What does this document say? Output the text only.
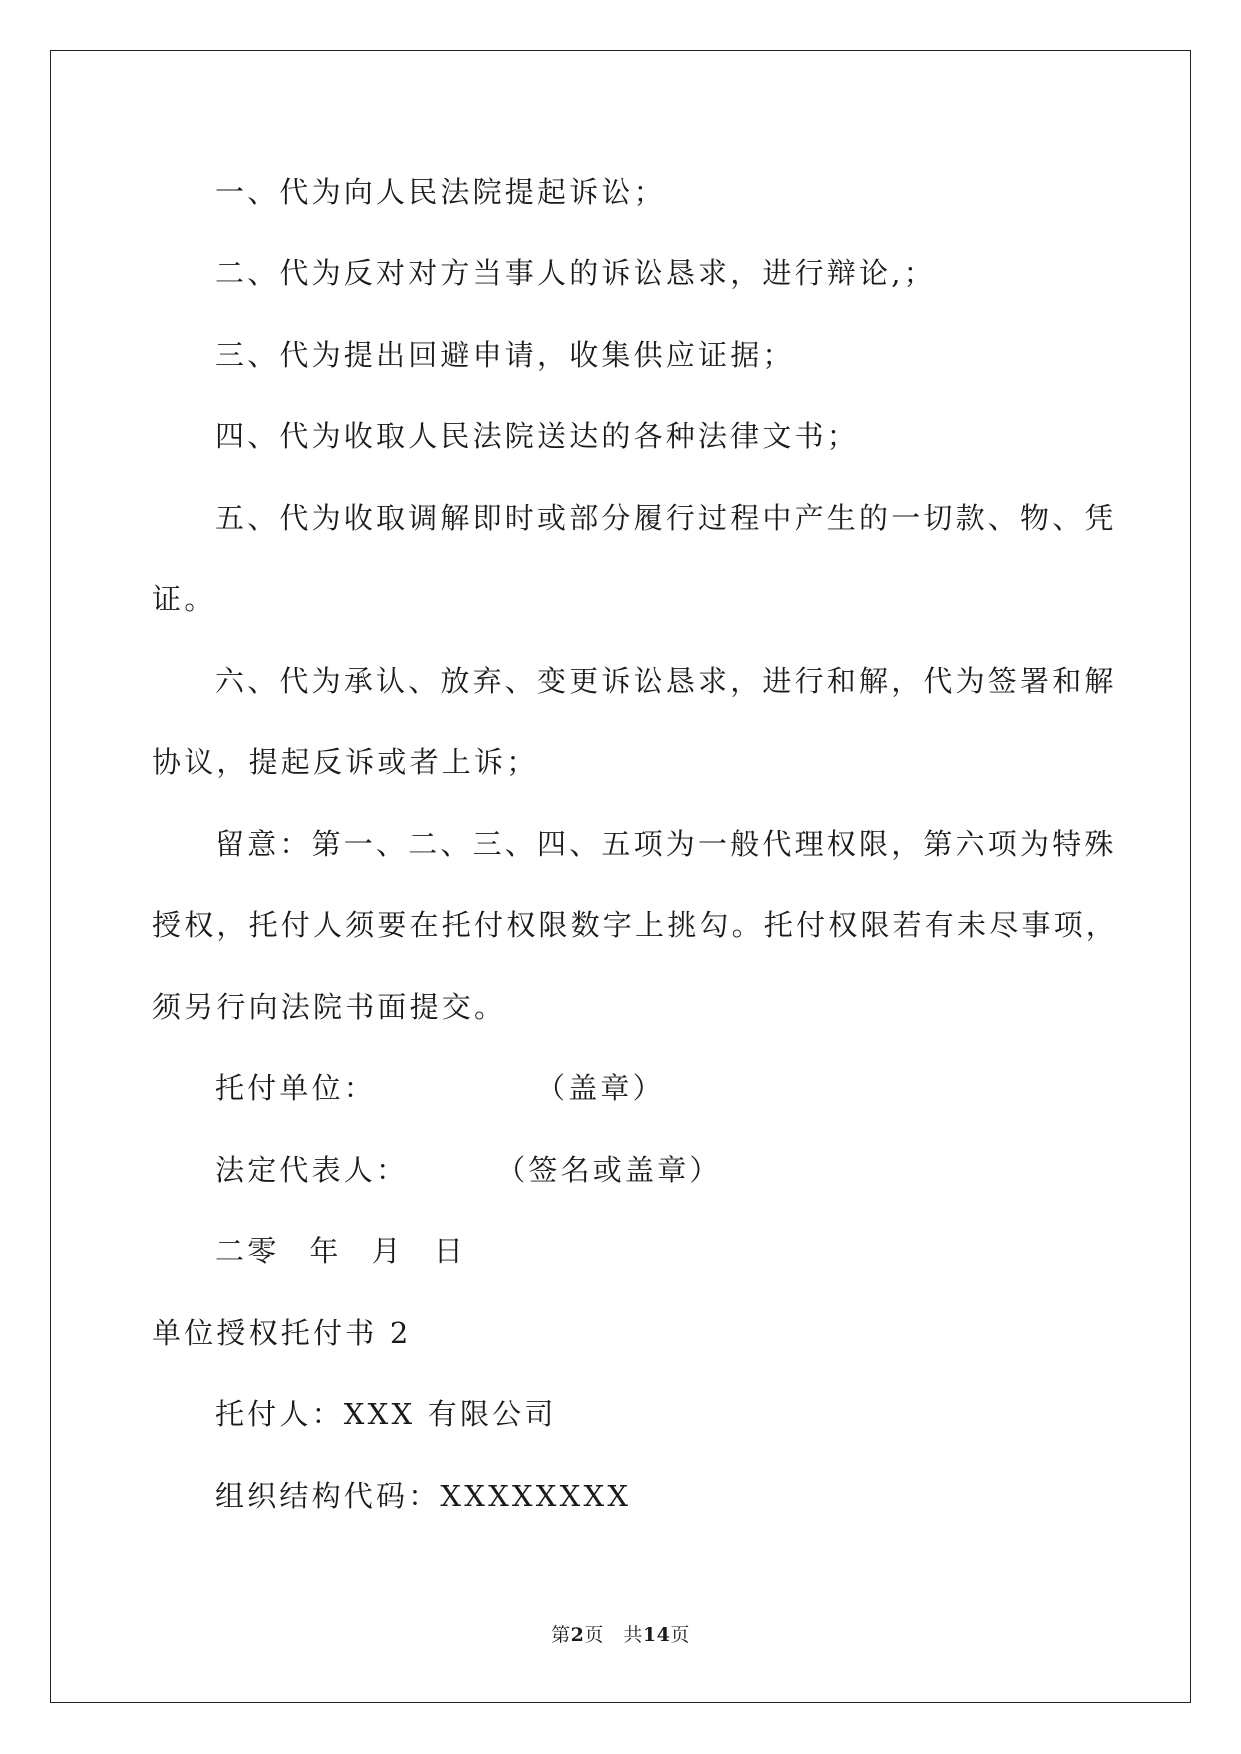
一、代为向人民法院提起诉讼；
二、代为反对对方当事人的诉讼恳求，进行辩论,；
三、代为提出回避申请，收集供应证据；
四、代为收取人民法院送达的各种法律文书；
五、代为收取调解即时或部分履行过程中产生的一切款、物、凭
证。
六、代为承认、放弃、变更诉讼恳求，进行和解，代为签署和解
协议，提起反诉或者上诉；
留意：第一、二、三、四、五项为一般代理权限，第六项为特殊
授权，托付人须要在托付权限数字上挑勾。托付权限若有未尽事项，
须另行向法院书面提交。
托付单位：	（盖章）
法定代表人：	（签名或盖章）
二零 年 月 日
单位授权托付书 2
托付人：XXX 有限公司
组织结构代码：XXXXXXXX
第2页　共14页
